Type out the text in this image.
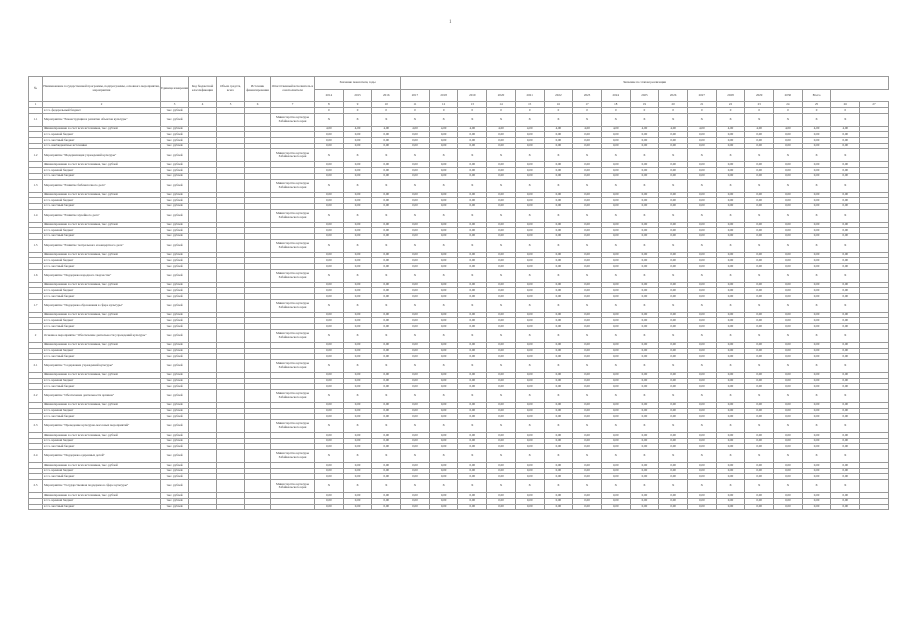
1
№	Наименование государственной программы, подпрограммы, основного мероприятия, мероприятия	Единица измерения	Код бюджетной классификации	Объем средств, всего	Источник финансирования	Ответственный исполнитель и соисполнители	Значение показателя, годы			Значение по этапам реализации																
							2014	2015	2016	2017	2018	2019	2020	2021	2022	2023	2024	2025	2026	2027	2028	2029	2030	Всего		
1	2	3	4	5	6	7	8	9	10	11	12	13	14	15	16	17	18	19	20	21	22	23	24	25	26	27
	в т.ч. федеральный бюджет	тыс. рублей					0	0	0	0	0	0	0	0	0	0	0	0	0	0	0	0	0	0	0	
1.1	Мероприятие "Реконструкция и развитие объектов культуры"	тыс. рублей				Министерство культуры Забайкальского края	X	X	X	X	X	X	X	X	X	X	X	X	X	X	X	X	X	X	X	
	Финансирование за счет всех источников, тыс. рублей	тыс. рублей					4,00	4,00	4,00	4,00	4,00	4,00	4,00	4,00	4,00	4,00	4,00	4,00	4,00	4,00	4,00	4,00	4,00	4,00	4,00	
	в т.ч. краевой бюджет	тыс. рублей					0,00	0,00	0,00	0,00	0,00	0,00	0,00	0,00	0,00	0,00	0,00	0,00	0,00	0,00	0,00	0,00	0,00	0,00	0,00	
	в т.ч. местный бюджет	тыс. рублей					0,00	0,00	0,00	0,00	0,00	0,00	0,00	0,00	0,00	0,00	0,00	0,00	0,00	0,00	0,00	0,00	0,00	0,00	0,00	
	в т.ч. внебюджетные источники	тыс. рублей					0,00	0,00	0,00	0,00	0,00	0,00	0,00	0,00	0,00	0,00	0,00	0,00	0,00	0,00	0,00	0,00	0,00	0,00	0,00	
1.2	Мероприятие "Модернизация учреждений культуры"	тыс. рублей				Министерство культуры Забайкальского края	X	X	X	X	X	X	X	X	X	X	X	X	X	X	X	X	X	X	X	
	Финансирование за счет всех источников, тыс. рублей	тыс. рублей					0,00	0,00	0,00	0,00	0,00	0,00	0,00	0,00	0,00	0,00	0,00	0,00	0,00	0,00	0,00	0,00	0,00	0,00	0,00	
	в т.ч. краевой бюджет	тыс. рублей					0,00	0,00	0,00	0,00	0,00	0,00	0,00	0,00	0,00	0,00	0,00	0,00	0,00	0,00	0,00	0,00	0,00	0,00	0,00	
	в т.ч. местный бюджет	тыс. рублей					0,00	0,00	0,00	0,00	0,00	0,00	0,00	0,00	0,00	0,00	0,00	0,00	0,00	0,00	0,00	0,00	0,00	0,00	0,00	
1.3	Мероприятие "Развитие библиотечного дела"	тыс. рублей				Министерство культуры Забайкальского края	X	X	X	X	X	X	X	X	X	X	X	X	X	X	X	X	X	X	X	
	Финансирование за счет всех источников, тыс. рублей	тыс. рублей					0,00	0,00	0,00	0,00	0,00	0,00	0,00	0,00	0,00	0,00	0,00	0,00	0,00	0,00	0,00	0,00	0,00	0,00	0,00	
	в т.ч. краевой бюджет	тыс. рублей					0,00	0,00	0,00	0,00	0,00	0,00	0,00	0,00	0,00	0,00	0,00	0,00	0,00	0,00	0,00	0,00	0,00	0,00	0,00	
	в т.ч. местный бюджет	тыс. рублей					0,00	0,00	0,00	0,00	0,00	0,00	0,00	0,00	0,00	0,00	0,00	0,00	0,00	0,00	0,00	0,00	0,00	0,00	0,00	
1.4	Мероприятие "Развитие музейного дела"	тыс. рублей				Министерство культуры Забайкальского края	X	X	X	X	X	X	X	X	X	X	X	X	X	X	X	X	X	X	X	
	Финансирование за счет всех источников, тыс. рублей	тыс. рублей					0,00	0,00	0,00	0,00	0,00	0,00	0,00	0,00	0,00	0,00	0,00	0,00	0,00	0,00	0,00	0,00	0,00	0,00	0,00	
	в т.ч. краевой бюджет	тыс. рублей					0,00	0,00	0,00	0,00	0,00	0,00	0,00	0,00	0,00	0,00	0,00	0,00	0,00	0,00	0,00	0,00	0,00	0,00	0,00	
	в т.ч. местный бюджет	тыс. рублей					0,00	0,00	0,00	0,00	0,00	0,00	0,00	0,00	0,00	0,00	0,00	0,00	0,00	0,00	0,00	0,00	0,00	0,00	0,00	
1.5	Мероприятие "Развитие театрального и концертного дела"	тыс. рублей				Министерство культуры Забайкальского края	X	X	X	X	X	X	X	X	X	X	X	X	X	X	X	X	X	X	X	
	Финансирование за счет всех источников, тыс. рублей	тыс. рублей					0,00	0,00	0,00	0,00	0,00	0,00	0,00	0,00	0,00	0,00	0,00	0,00	0,00	0,00	0,00	0,00	0,00	0,00	0,00	
	в т.ч. краевой бюджет	тыс. рублей					0,00	0,00	0,00	0,00	0,00	0,00	0,00	0,00	0,00	0,00	0,00	0,00	0,00	0,00	0,00	0,00	0,00	0,00	0,00	
	в т.ч. местный бюджет	тыс. рублей					0,00	0,00	0,00	0,00	0,00	0,00	0,00	0,00	0,00	0,00	0,00	0,00	0,00	0,00	0,00	0,00	0,00	0,00	0,00	
1.6	Мероприятие "Поддержка народного творчества"	тыс. рублей				Министерство культуры Забайкальского края	X	X	X	X	X	X	X	X	X	X	X	X	X	X	X	X	X	X	X	
	Финансирование за счет всех источников, тыс. рублей	тыс. рублей					0,00	0,00	0,00	0,00	0,00	0,00	0,00	0,00	0,00	0,00	0,00	0,00	0,00	0,00	0,00	0,00	0,00	0,00	0,00	
	в т.ч. краевой бюджет	тыс. рублей					0,00	0,00	0,00	0,00	0,00	0,00	0,00	0,00	0,00	0,00	0,00	0,00	0,00	0,00	0,00	0,00	0,00	0,00	0,00	
	в т.ч. местный бюджет	тыс. рублей					0,00	0,00	0,00	0,00	0,00	0,00	0,00	0,00	0,00	0,00	0,00	0,00	0,00	0,00	0,00	0,00	0,00	0,00	0,00	
1.7	Мероприятие "Поддержка образования в сфере культуры"	тыс. рублей				Министерство культуры Забайкальского края	X	X	X	X	X	X	X	X	X	X	X	X	X	X	X	X	X	X	X	
	Финансирование за счет всех источников, тыс. рублей	тыс. рублей					0,00	0,00	0,00	0,00	0,00	0,00	0,00	0,00	0,00	0,00	0,00	0,00	0,00	0,00	0,00	0,00	0,00	0,00	0,00	
	в т.ч. краевой бюджет	тыс. рублей					0,00	0,00	0,00	0,00	0,00	0,00	0,00	0,00	0,00	0,00	0,00	0,00	0,00	0,00	0,00	0,00	0,00	0,00	0,00	
	в т.ч. местный бюджет	тыс. рублей					0,00	0,00	0,00	0,00	0,00	0,00	0,00	0,00	0,00	0,00	0,00	0,00	0,00	0,00	0,00	0,00	0,00	0,00	0,00	
2	Основное мероприятие "Обеспечение деятельности учреждений культуры"	тыс. рублей				Министерство культуры Забайкальского края	X	X	X	X	X	X	X	X	X	X	X	X	X	X	X	X	X	X	X	
	Финансирование за счет всех источников, тыс. рублей	тыс. рублей					0,00	0,00	0,00	0,00	0,00	0,00	0,00	0,00	0,00	0,00	0,00	0,00	0,00	0,00	0,00	0,00	0,00	0,00	0,00	
	в т.ч. краевой бюджет	тыс. рублей					0,00	0,00	0,00	0,00	0,00	0,00	0,00	0,00	0,00	0,00	0,00	0,00	0,00	0,00	0,00	0,00	0,00	0,00	0,00	
	в т.ч. местный бюджет	тыс. рублей					0,00	0,00	0,00	0,00	0,00	0,00	0,00	0,00	0,00	0,00	0,00	0,00	0,00	0,00	0,00	0,00	0,00	0,00	0,00	
2.1	Мероприятие "Содержание учреждений культуры"	тыс. рублей				Министерство культуры Забайкальского края	X	X	X	X	X	X	X	X	X	X	X	X	X	X	X	X	X	X	X	
	Финансирование за счет всех источников, тыс. рублей	тыс. рублей					0,00	0,00	0,00	0,00	0,00	0,00	0,00	0,00	0,00	0,00	0,00	0,00	0,00	0,00	0,00	0,00	0,00	0,00	0,00	
	в т.ч. краевой бюджет	тыс. рублей					0,00	0,00	0,00	0,00	0,00	0,00	0,00	0,00	0,00	0,00	0,00	0,00	0,00	0,00	0,00	0,00	0,00	0,00	0,00	
	в т.ч. местный бюджет	тыс. рублей					0,00	0,00	0,00	0,00	0,00	0,00	0,00	0,00	0,00	0,00	0,00	0,00	0,00	0,00	0,00	0,00	0,00	0,00	0,00	
2.2	Мероприятие "Обеспечение деятельности архивов"	тыс. рублей				Министерство культуры Забайкальского края	X	X	X	X	X	X	X	X	X	X	X	X	X	X	X	X	X	X	X	
	Финансирование за счет всех источников, тыс. рублей	тыс. рублей					0,00	0,00	0,00	0,00	0,00	0,00	0,00	0,00	0,00	0,00	0,00	0,00	0,00	0,00	0,00	0,00	0,00	0,00	0,00	
	в т.ч. краевой бюджет	тыс. рублей					0,00	0,00	0,00	0,00	0,00	0,00	0,00	0,00	0,00	0,00	0,00	0,00	0,00	0,00	0,00	0,00	0,00	0,00	0,00	
	в т.ч. местный бюджет	тыс. рублей					0,00	0,00	0,00	0,00	0,00	0,00	0,00	0,00	0,00	0,00	0,00	0,00	0,00	0,00	0,00	0,00	0,00	0,00	0,00	
2.3	Мероприятие "Проведение культурно-массовых мероприятий"	тыс. рублей				Министерство культуры Забайкальского края	X	X	X	X	X	X	X	X	X	X	X	X	X	X	X	X	X	X	X	
	Финансирование за счет всех источников, тыс. рублей	тыс. рублей					0,00	0,00	0,00	0,00	0,00	0,00	0,00	0,00	0,00	0,00	0,00	0,00	0,00	0,00	0,00	0,00	0,00	0,00	0,00	
	в т.ч. краевой бюджет	тыс. рублей					0,00	0,00	0,00	0,00	0,00	0,00	0,00	0,00	0,00	0,00	0,00	0,00	0,00	0,00	0,00	0,00	0,00	0,00	0,00	
	в т.ч. местный бюджет	тыс. рублей					0,00	0,00	0,00	0,00	0,00	0,00	0,00	0,00	0,00	0,00	0,00	0,00	0,00	0,00	0,00	0,00	0,00	0,00	0,00	
2.4	Мероприятие "Поддержка одаренных детей"	тыс. рублей				Министерство культуры Забайкальского края	X	X	X	X	X	X	X	X	X	X	X	X	X	X	X	X	X	X	X	
	Финансирование за счет всех источников, тыс. рублей	тыс. рублей					0,00	0,00	0,00	0,00	0,00	0,00	0,00	0,00	0,00	0,00	0,00	0,00	0,00	0,00	0,00	0,00	0,00	0,00	0,00	
	в т.ч. краевой бюджет	тыс. рублей					0,00	0,00	0,00	0,00	0,00	0,00	0,00	0,00	0,00	0,00	0,00	0,00	0,00	0,00	0,00	0,00	0,00	0,00	0,00	
	в т.ч. местный бюджет	тыс. рублей					0,00	0,00	0,00	0,00	0,00	0,00	0,00	0,00	0,00	0,00	0,00	0,00	0,00	0,00	0,00	0,00	0,00	0,00	0,00	
2.5	Мероприятие "Государственная поддержка в сфере культуры"	тыс. рублей				Министерство культуры Забайкальского края	X	X	X	X	X	X	X	X	X	X	X	X	X	X	X	X	X	X	X	
	Финансирование за счет всех источников, тыс. рублей	тыс. рублей					0,00	0,00	0,00	0,00	0,00	0,00	0,00	0,00	0,00	0,00	0,00	0,00	0,00	0,00	0,00	0,00	0,00	0,00	0,00	
	в т.ч. краевой бюджет	тыс. рублей					0,00	0,00	0,00	0,00	0,00	0,00	0,00	0,00	0,00	0,00	0,00	0,00	0,00	0,00	0,00	0,00	0,00	0,00	0,00	
	в т.ч. местный бюджет	тыс. рублей					0,00	0,00	0,00	0,00	0,00	0,00	0,00	0,00	0,00	0,00	0,00	0,00	0,00	0,00	0,00	0,00	0,00	0,00	0,00	
